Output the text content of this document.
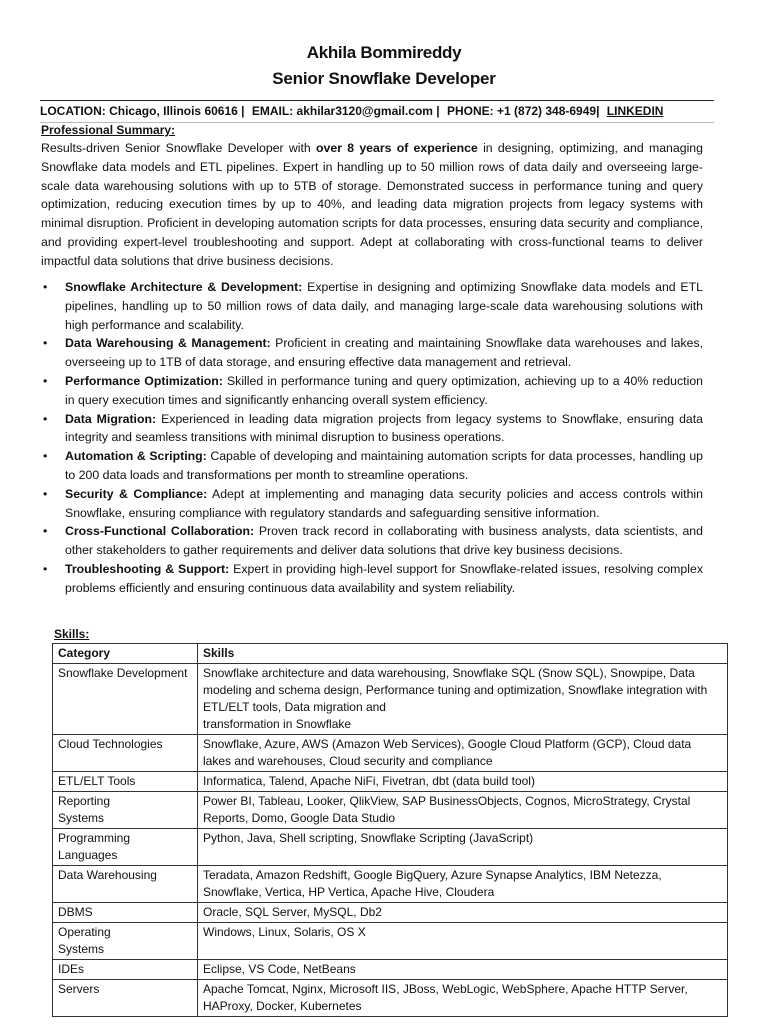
Akhila Bommireddy
Senior Snowflake Developer
LOCATION: Chicago, Illinois 60616 | EMAIL: akhilar3120@gmail.com | PHONE: +1 (872) 348-6949| LINKEDIN
Professional Summary:
Results-driven Senior Snowflake Developer with over 8 years of experience in designing, optimizing, and managing Snowflake data models and ETL pipelines. Expert in handling up to 50 million rows of data daily and overseeing large-scale data warehousing solutions with up to 5TB of storage. Demonstrated success in performance tuning and query optimization, reducing execution times by up to 40%, and leading data migration projects from legacy systems with minimal disruption. Proficient in developing automation scripts for data processes, ensuring data security and compliance, and providing expert-level troubleshooting and support. Adept at collaborating with cross-functional teams to deliver impactful data solutions that drive business decisions.
• Snowflake Architecture & Development: Expertise in designing and optimizing Snowflake data models and ETL pipelines, handling up to 50 million rows of data daily, and managing large-scale data warehousing solutions with high performance and scalability.
• Data Warehousing & Management: Proficient in creating and maintaining Snowflake data warehouses and lakes, overseeing up to 1TB of data storage, and ensuring effective data management and retrieval.
• Performance Optimization: Skilled in performance tuning and query optimization, achieving up to a 40% reduction in query execution times and significantly enhancing overall system efficiency.
• Data Migration: Experienced in leading data migration projects from legacy systems to Snowflake, ensuring data integrity and seamless transitions with minimal disruption to business operations.
• Automation & Scripting: Capable of developing and maintaining automation scripts for data processes, handling up to 200 data loads and transformations per month to streamline operations.
• Security & Compliance: Adept at implementing and managing data security policies and access controls within Snowflake, ensuring compliance with regulatory standards and safeguarding sensitive information.
• Cross-Functional Collaboration: Proven track record in collaborating with business analysts, data scientists, and other stakeholders to gather requirements and deliver data solutions that drive key business decisions.
• Troubleshooting & Support: Expert in providing high-level support for Snowflake-related issues, resolving complex problems efficiently and ensuring continuous data availability and system reliability.
Skills:
Category	Skills
Snowflake Development	Snowflake architecture and data warehousing, Snowflake SQL (Snow SQL), Snowpipe, Data modeling and schema design, Performance tuning and optimization, Snowflake integration with ETL/ELT tools, Data migration and
transformation in Snowflake
Cloud Technologies	Snowflake, Azure, AWS (Amazon Web Services), Google Cloud Platform (GCP), Cloud data lakes and warehouses, Cloud security and compliance
ETL/ELT Tools	Informatica, Talend, Apache NiFi, Fivetran, dbt (data build tool)
Reporting
Systems	Power BI, Tableau, Looker, QlikView, SAP BusinessObjects, Cognos, MicroStrategy, Crystal Reports, Domo, Google Data Studio
Programming Languages	Python, Java, Shell scripting, Snowflake Scripting (JavaScript)
Data Warehousing	Teradata, Amazon Redshift, Google BigQuery, Azure Synapse Analytics, IBM Netezza, Snowflake, Vertica, HP Vertica, Apache Hive, Cloudera
DBMS	Oracle, SQL Server, MySQL, Db2
Operating
Systems	Windows, Linux, Solaris, OS X
IDEs	Eclipse, VS Code, NetBeans
Servers	Apache Tomcat, Nginx, Microsoft IIS, JBoss, WebLogic, WebSphere, Apache HTTP Server, HAProxy, Docker, Kubernetes
